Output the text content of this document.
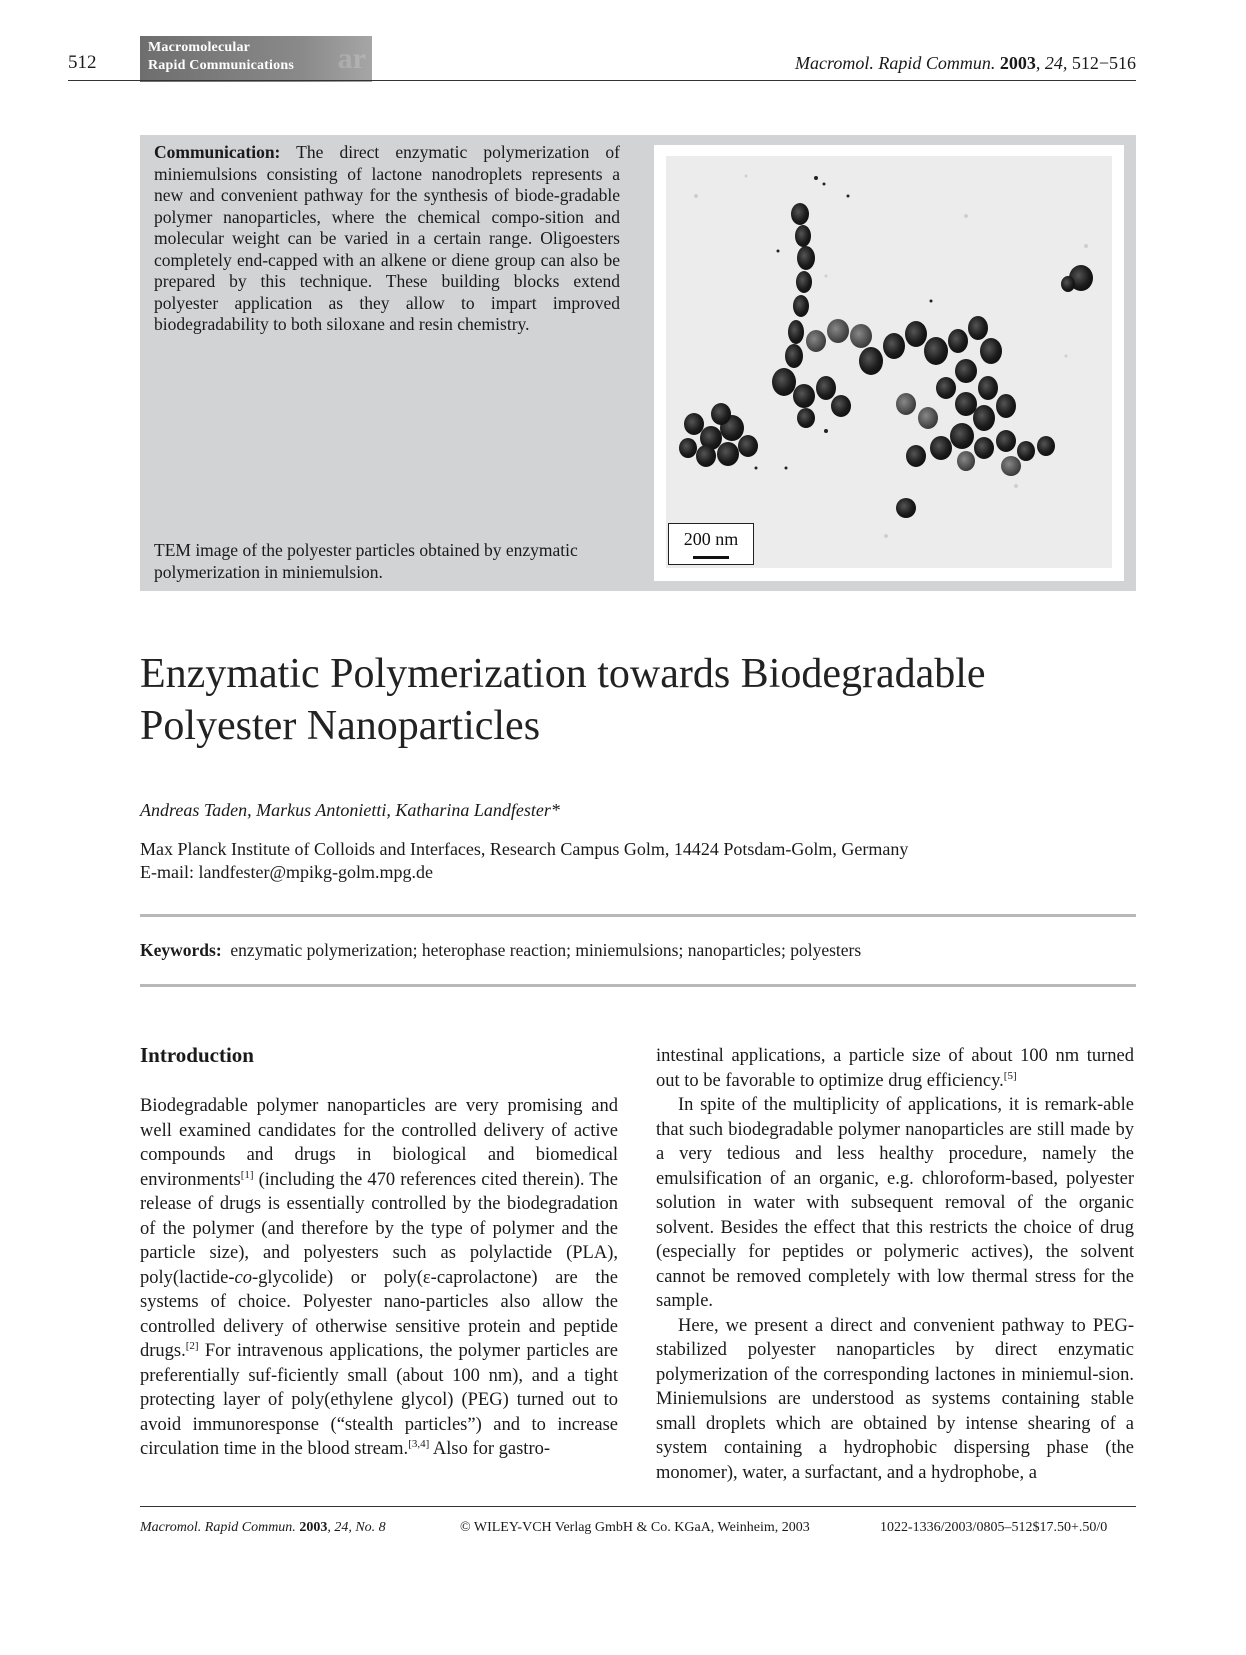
512
Macromolecular
Rapid Communications ar	Macromol. Rapid Commun. 2003, 24, 512−516
Communication: The direct enzymatic polymerization of miniemulsions consisting of lactone nanodroplets represents a new and convenient pathway for the synthesis of biode-gradable polymer nanoparticles, where the chemical compo-sition and molecular weight can be varied in a certain range. Oligoesters completely end-capped with an alkene or diene group can also be prepared by this technique. These building blocks extend polyester application as they allow to impart improved biodegradability to both siloxane and resin chemistry.
TEM image of the polyester particles obtained by enzymatic polymerization in miniemulsion.
200 nm
Enzymatic Polymerization towards Biodegradable Polyester Nanoparticles
Andreas Taden, Markus Antonietti, Katharina Landfester*
Max Planck Institute of Colloids and Interfaces, Research Campus Golm, 14424 Potsdam-Golm, Germany
E-mail: landfester@mpikg-golm.mpg.de
Keywords: enzymatic polymerization; heterophase reaction; miniemulsions; nanoparticles; polyesters
Introduction

Biodegradable polymer nanoparticles are very promising and well examined candidates for the controlled delivery of active compounds and drugs in biological and biomedical environments[1] (including the 470 references cited therein). The release of drugs is essentially controlled by the biodegradation of the polymer (and therefore by the type of polymer and the particle size), and polyesters such as polylactide (PLA), poly(lactide-co-glycolide) or poly(ε-caprolactone) are the systems of choice. Polyester nano-particles also allow the controlled delivery of otherwise sensitive protein and peptide drugs.[2] For intravenous applications, the polymer particles are preferentially suf-ficiently small (about 100 nm), and a tight protecting layer of poly(ethylene glycol) (PEG) turned out to avoid immunoresponse (“stealth particles”) and to increase circulation time in the blood stream.[3,4] Also for gastro-

intestinal applications, a particle size of about 100 nm turned out to be favorable to optimize drug efficiency.[5]

In spite of the multiplicity of applications, it is remark-able that such biodegradable polymer nanoparticles are still made by a very tedious and less healthy procedure, namely the emulsification of an organic, e.g. chloroform-based, polyester solution in water with subsequent removal of the organic solvent. Besides the effect that this restricts the choice of drug (especially for peptides or polymeric actives), the solvent cannot be removed completely with low thermal stress for the sample.

Here, we present a direct and convenient pathway to PEG-stabilized polyester nanoparticles by direct enzymatic polymerization of the corresponding lactones in miniemul-sion. Miniemulsions are understood as systems containing stable small droplets which are obtained by intense shearing of a system containing a hydrophobic dispersing phase (the monomer), water, a surfactant, and a hydrophobe, a

Macromol. Rapid Commun. 2003, 24, No. 8	© WILEY-VCH Verlag GmbH & Co. KGaA, Weinheim, 2003	1022-1336/2003/0805–512$17.50+.50/0
